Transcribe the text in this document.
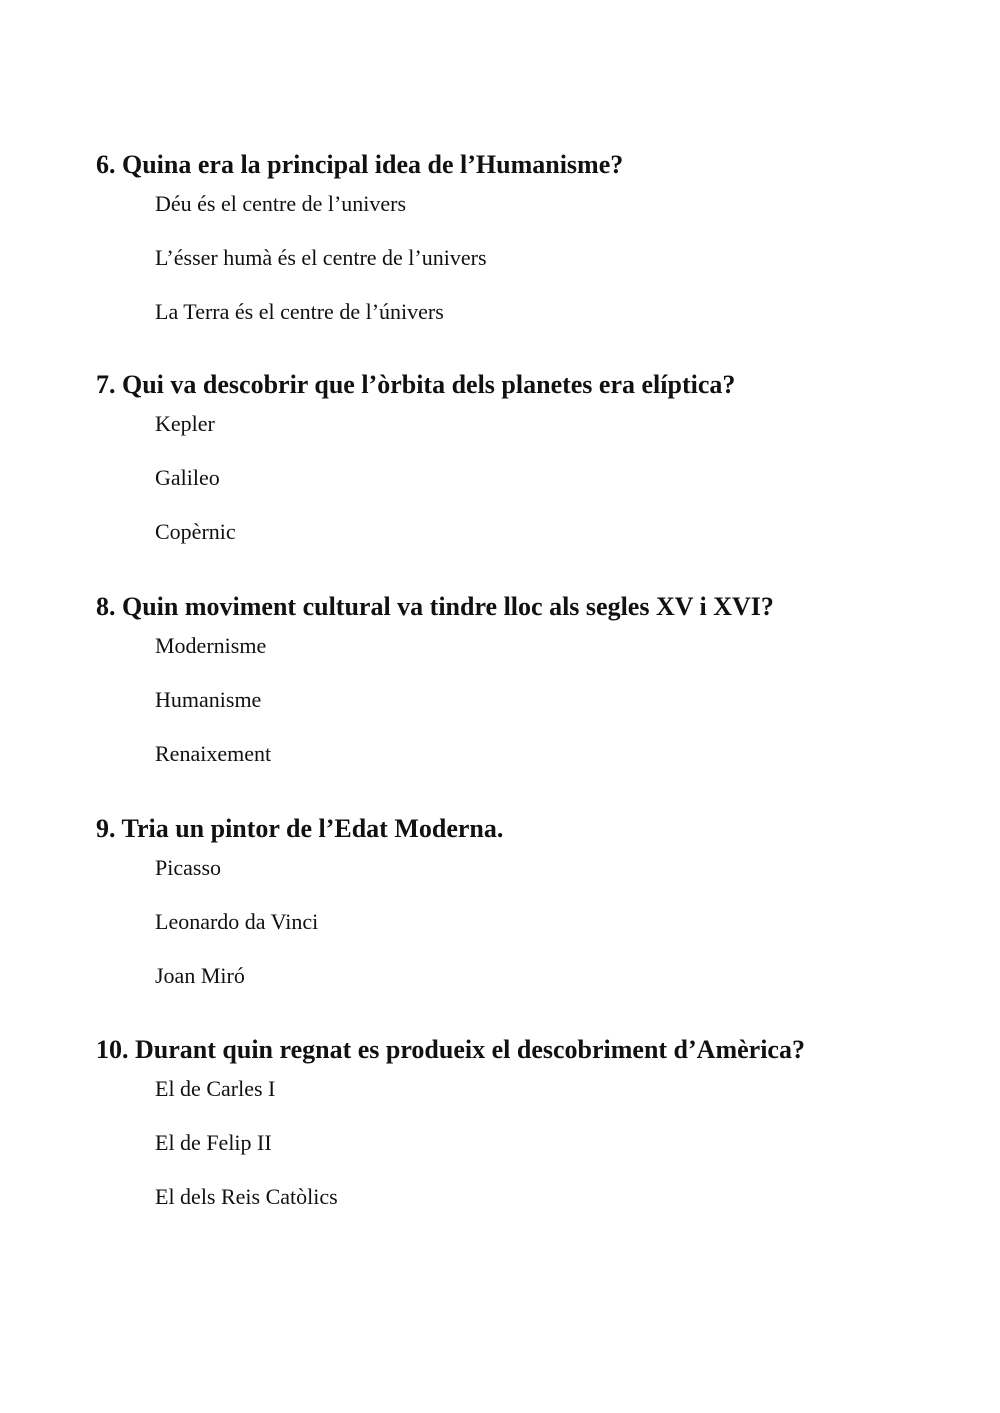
6. Quina era la principal idea de l’Humanisme?

Déu és el centre de l’univers

L’ésser humà és el centre de l’univers

La Terra és el centre de l’únivers

7. Qui va descobrir que l’òrbita dels planetes era elíptica?

Kepler

Galileo

Copèrnic

8. Quin moviment cultural va tindre lloc als segles XV i XVI?

Modernisme

Humanisme

Renaixement

9. Tria un pintor de l’Edat Moderna.

Picasso

Leonardo da Vinci

Joan Miró

10. Durant quin regnat es produeix el descobriment d’Amèrica?

El de Carles I

El de Felip II

El dels Reis Catòlics
